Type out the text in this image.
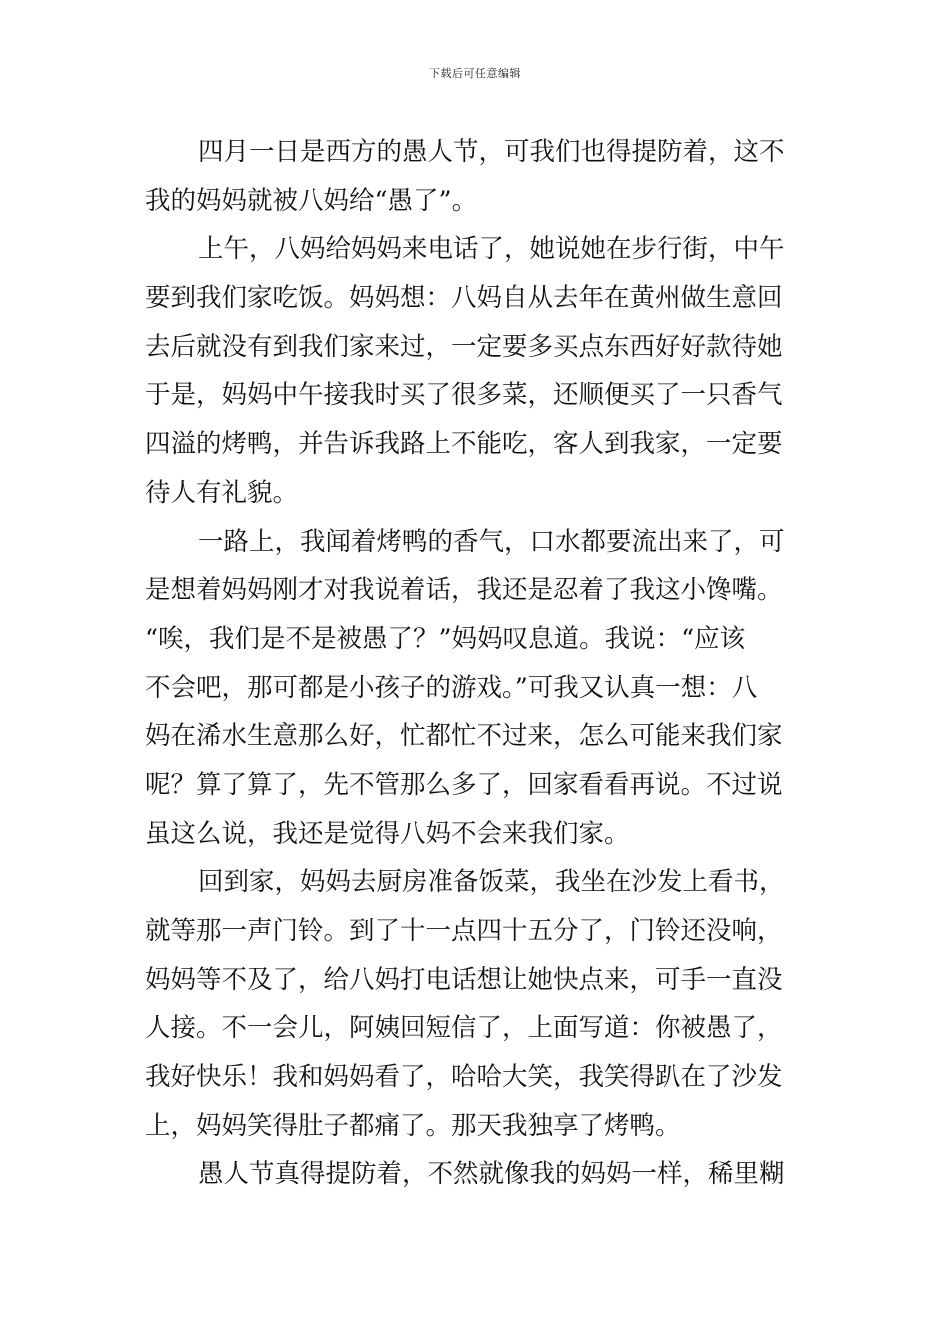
下载后可任意编辑
四月一日是西方的愚人节，可我们也得提防着，这不
我的妈妈就被八妈给“愚了”。
上午，八妈给妈妈来电话了，她说她在步行街，中午
要到我们家吃饭。妈妈想：八妈自从去年在黄州做生意回
去后就没有到我们家来过，一定要多买点东西好好款待她
于是，妈妈中午接我时买了很多菜，还顺便买了一只香气
四溢的烤鸭，并告诉我路上不能吃，客人到我家，一定要
待人有礼貌。
一路上，我闻着烤鸭的香气，口水都要流出来了，可
是想着妈妈刚才对我说着话，我还是忍着了我这小馋嘴。
“唉，我们是不是被愚了？”妈妈叹息道。我说：“应该
不会吧，那可都是小孩子的游戏。”可我又认真一想：八
妈在浠水生意那么好，忙都忙不过来，怎么可能来我们家
呢？算了算了，先不管那么多了，回家看看再说。不过说
虽这么说，我还是觉得八妈不会来我们家。
回到家，妈妈去厨房准备饭菜，我坐在沙发上看书，
就等那一声门铃。到了十一点四十五分了，门铃还没响，
妈妈等不及了，给八妈打电话想让她快点来，可手一直没
人接。不一会儿，阿姨回短信了，上面写道：你被愚了，
我好快乐！我和妈妈看了，哈哈大笑，我笑得趴在了沙发
上，妈妈笑得肚子都痛了。那天我独享了烤鸭。
愚人节真得提防着，不然就像我的妈妈一样，稀里糊
